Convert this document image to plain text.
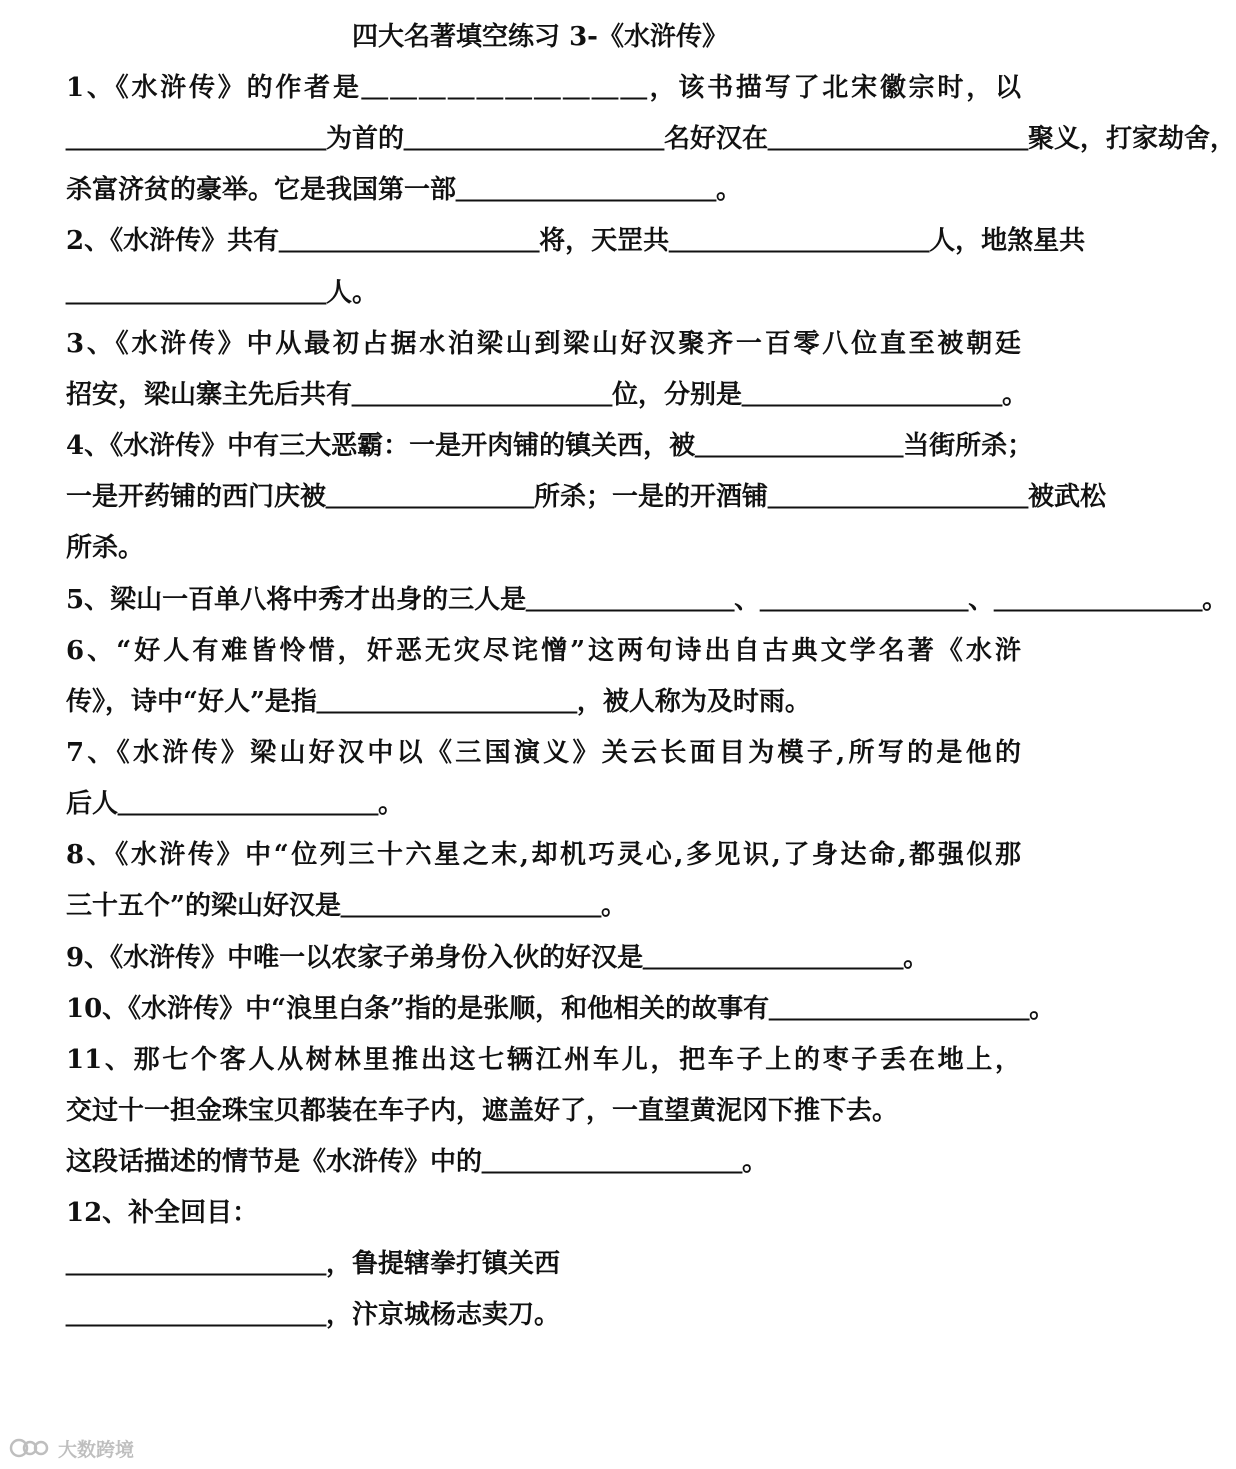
四大名著填空练习 3-《水浒传》
1、《水浒传》的作者是＿＿＿＿＿＿＿＿＿＿，该书描写了北宋徽宗时，以
＿＿＿＿＿＿＿＿＿＿为首的＿＿＿＿＿＿＿＿＿＿名好汉在＿＿＿＿＿＿＿＿＿＿聚义，打家劫舍，
杀富济贫的豪举。它是我国第一部＿＿＿＿＿＿＿＿＿＿。
2、《水浒传》共有＿＿＿＿＿＿＿＿＿＿将，天罡共＿＿＿＿＿＿＿＿＿＿人，地煞星共
＿＿＿＿＿＿＿＿＿＿人。
3、《水浒传》中从最初占据水泊梁山到梁山好汉聚齐一百零八位直至被朝廷
招安，梁山寨主先后共有＿＿＿＿＿＿＿＿＿＿位，分别是＿＿＿＿＿＿＿＿＿＿。
4、《水浒传》中有三大恶霸：一是开肉铺的镇关西，被＿＿＿＿＿＿＿＿当街所杀；
一是开药铺的西门庆被＿＿＿＿＿＿＿＿所杀；一是的开酒铺＿＿＿＿＿＿＿＿＿＿被武松
所杀。
5、梁山一百单八将中秀才出身的三人是＿＿＿＿＿＿＿＿、＿＿＿＿＿＿＿＿、＿＿＿＿＿＿＿＿。
6、“好人有难皆怜惜，奸恶无灾尽诧憎”这两句诗出自古典文学名著《水浒
传》，诗中“好人”是指＿＿＿＿＿＿＿＿＿＿，被人称为及时雨。
7、《水浒传》梁山好汉中以《三国演义》关云长面目为模子,所写的是他的
后人＿＿＿＿＿＿＿＿＿＿。
8、《水浒传》中“位列三十六星之末,却机巧灵心,多见识,了身达命,都强似那
三十五个”的梁山好汉是＿＿＿＿＿＿＿＿＿＿。
9、《水浒传》中唯一以农家子弟身份入伙的好汉是＿＿＿＿＿＿＿＿＿＿。
10、《水浒传》中“浪里白条”指的是张顺，和他相关的故事有＿＿＿＿＿＿＿＿＿＿。
11、那七个客人从树林里推出这七辆江州车儿，把车子上的枣子丢在地上，
交过十一担金珠宝贝都装在车子内，遮盖好了，一直望黄泥冈下推下去。
这段话描述的情节是《水浒传》中的＿＿＿＿＿＿＿＿＿＿。
12、补全回目：
＿＿＿＿＿＿＿＿＿＿，鲁提辖拳打镇关西
＿＿＿＿＿＿＿＿＿＿，汴京城杨志卖刀。
大数跨境
